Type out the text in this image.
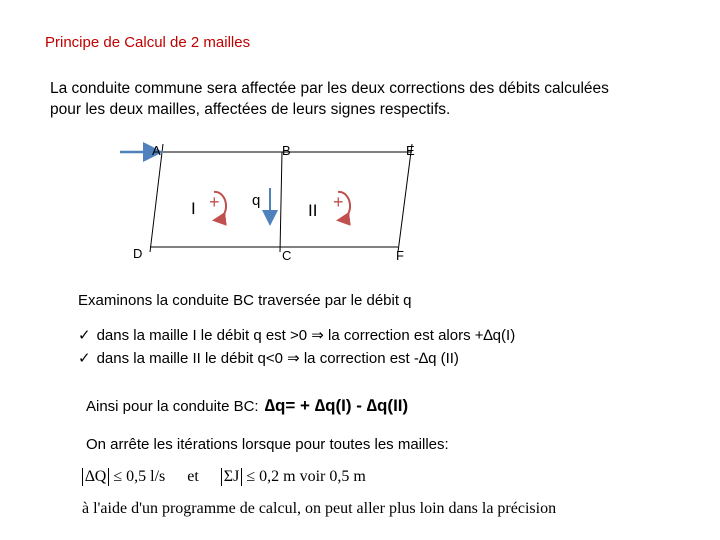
Principe de Calcul de 2 mailles
La conduite commune sera affectée par les deux corrections des débits calculées
pour les deux mailles, affectées de leurs signes respectifs.
A	B	E
D	C	F
I	II
q
+	+
Examinons la conduite BC traversée par le débit q
✓ dans la maille I le débit q est >0 ⇒ la correction est alors +∆q(I)
✓ dans la maille II le débit q<0 ⇒ la correction est -∆q (II)
Ainsi pour la conduite BC: ∆q= + ∆q(I) - ∆q(II)
On arrête les itérations lorsque pour toutes les mailles:
∆Q ≤ 0,5 l/s et ΣJ ≤ 0,2 m voir 0,5 m
à l'aide d'un programme de calcul, on peut aller plus loin dans la précision
